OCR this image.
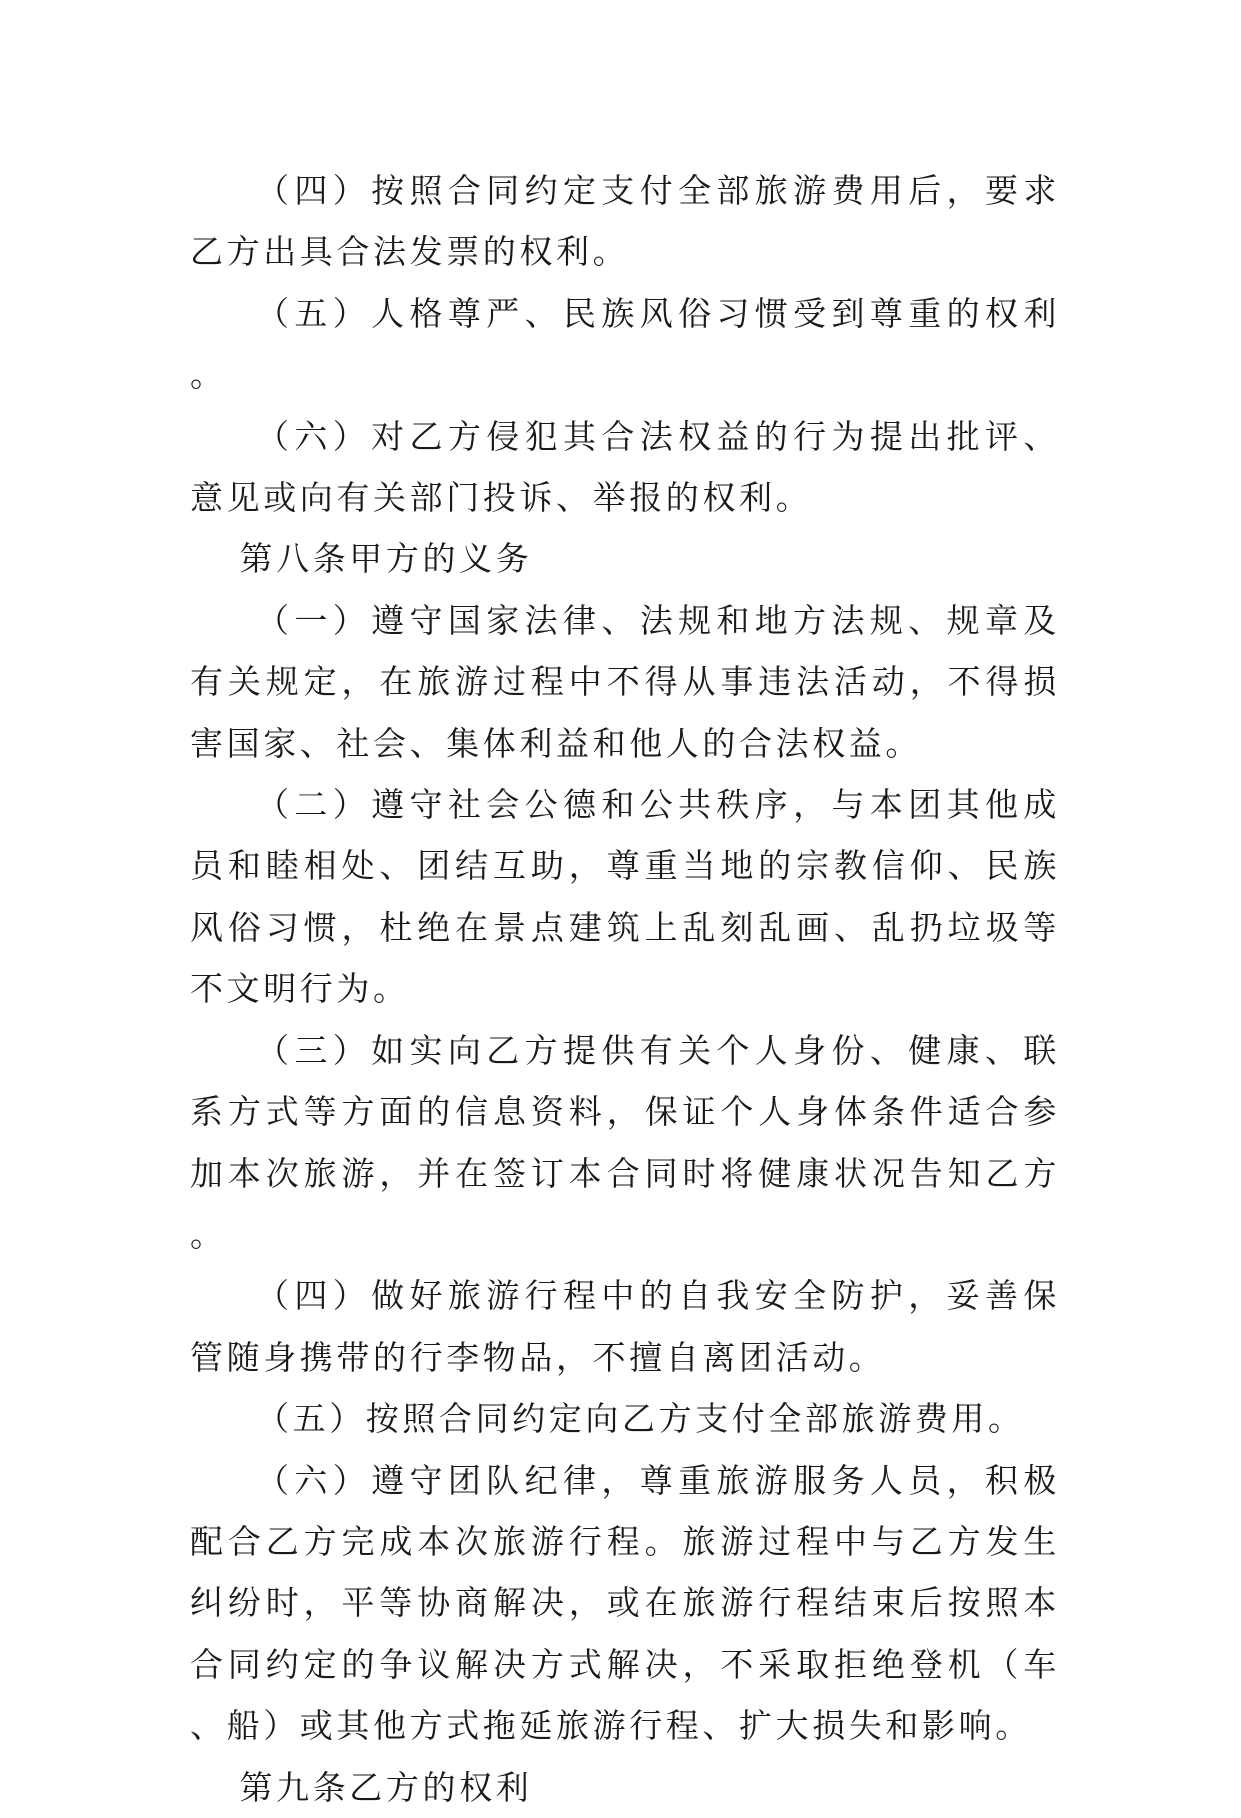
（四）按照合同约定支付全部旅游费用后，要求乙方出具合法发票的权利。

（五）人格尊严、民族风俗习惯受到尊重的权利。

（六）对乙方侵犯其合法权益的行为提出批评、意见或向有关部门投诉、举报的权利。

第八条甲方的义务

（一）遵守国家法律、法规和地方法规、规章及有关规定，在旅游过程中不得从事违法活动，不得损害国家、社会、集体利益和他人的合法权益。

（二）遵守社会公德和公共秩序，与本团其他成员和睦相处、团结互助，尊重当地的宗教信仰、民族风俗习惯，杜绝在景点建筑上乱刻乱画、乱扔垃圾等不文明行为。

（三）如实向乙方提供有关个人身份、健康、联系方式等方面的信息资料，保证个人身体条件适合参加本次旅游，并在签订本合同时将健康状况告知乙方。

（四）做好旅游行程中的自我安全防护，妥善保管随身携带的行李物品，不擅自离团活动。

（五）按照合同约定向乙方支付全部旅游费用。

（六）遵守团队纪律，尊重旅游服务人员，积极配合乙方完成本次旅游行程。旅游过程中与乙方发生纠纷时，平等协商解决，或在旅游行程结束后按照本合同约定的争议解决方式解决，不采取拒绝登机（车、船）或其他方式拖延旅游行程、扩大损失和影响。

第九条乙方的权利
